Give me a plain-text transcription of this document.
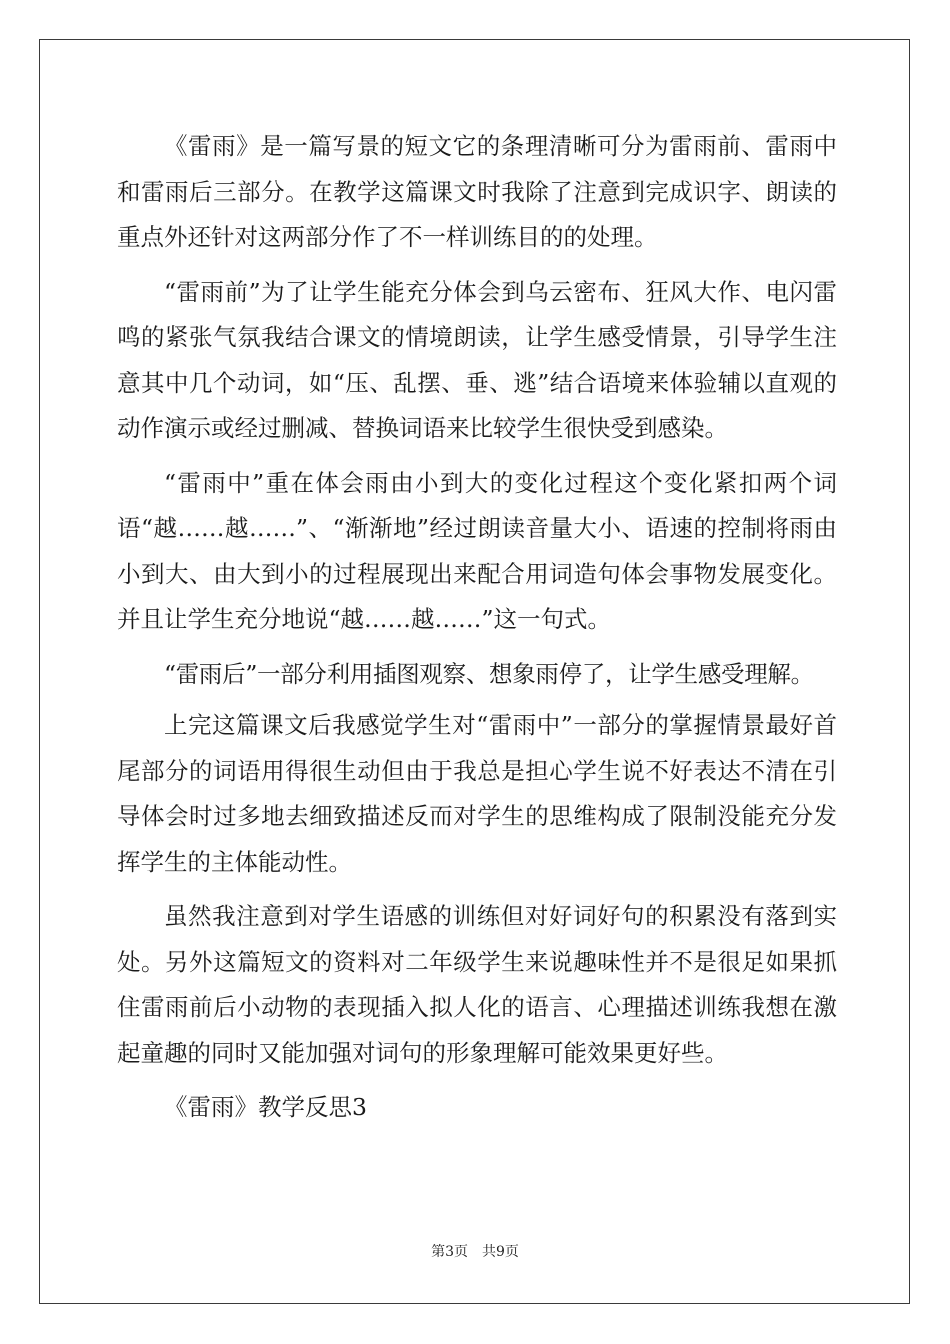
《雷雨》是一篇写景的短文它的条理清晰可分为雷雨前、雷雨中和雷雨后三部分。在教学这篇课文时我除了注意到完成识字、朗读的重点外还针对这两部分作了不一样训练目的的处理。

“雷雨前”为了让学生能充分体会到乌云密布、狂风大作、电闪雷鸣的紧张气氛我结合课文的情境朗读，让学生感受情景，引导学生注意其中几个动词，如“压、乱摆、垂、逃”结合语境来体验辅以直观的动作演示或经过删减、替换词语来比较学生很快受到感染。

“雷雨中”重在体会雨由小到大的变化过程这个变化紧扣两个词语“越……越……”、“渐渐地”经过朗读音量大小、语速的控制将雨由小到大、由大到小的过程展现出来配合用词造句体会事物发展变化。并且让学生充分地说“越……越……”这一句式。

“雷雨后”一部分利用插图观察、想象雨停了，让学生感受理解。

上完这篇课文后我感觉学生对“雷雨中”一部分的掌握情景最好首尾部分的词语用得很生动但由于我总是担心学生说不好表达不清在引导体会时过多地去细致描述反而对学生的思维构成了限制没能充分发挥学生的主体能动性。

虽然我注意到对学生语感的训练但对好词好句的积累没有落到实处。另外这篇短文的资料对二年级学生来说趣味性并不是很足如果抓住雷雨前后小动物的表现插入拟人化的语言、心理描述训练我想在激起童趣的同时又能加强对词句的形象理解可能效果更好些。

《雷雨》教学反思3

第3页　共9页
